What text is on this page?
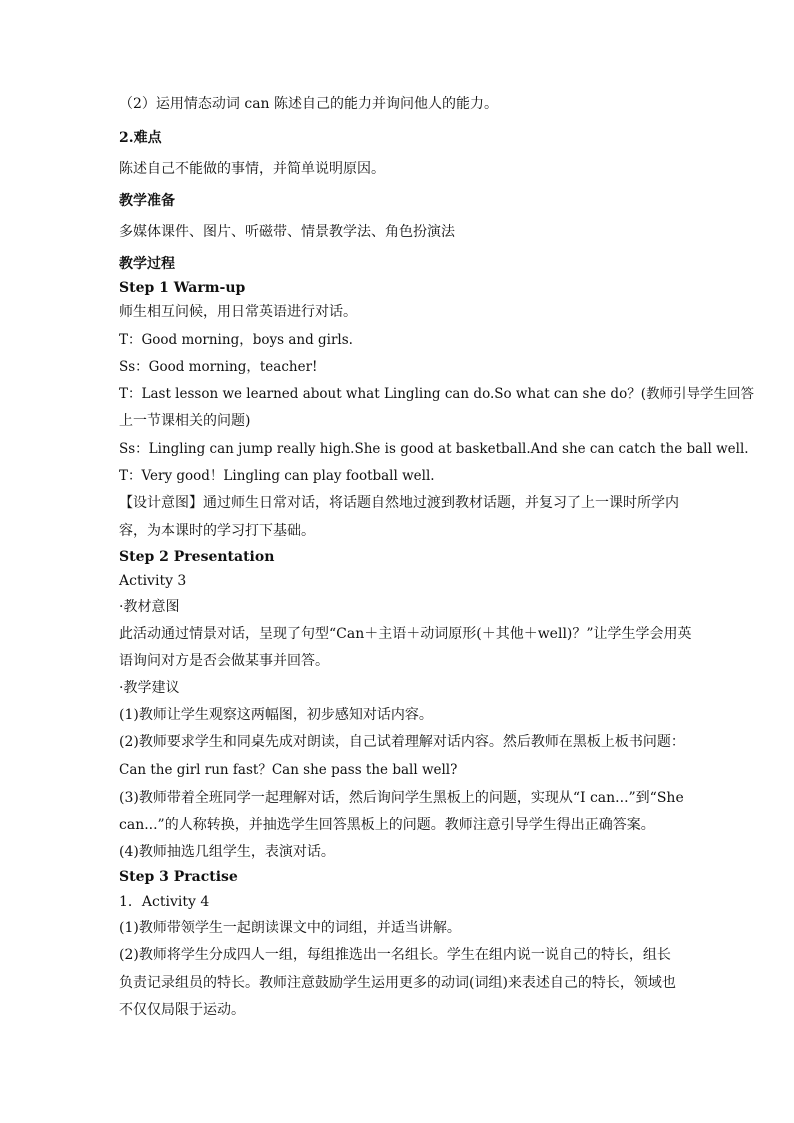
（2）运用情态动词 can 陈述自己的能力并询问他人的能力。
2.难点
陈述自己不能做的事情，并简单说明原因。
教学准备
多媒体课件、图片、听磁带、情景教学法、角色扮演法
教学过程
Step 1 Warm-up
师生相互问候，用日常英语进行对话。
T：Good morning，boys and girls.
Ss：Good morning，teacher!
T：Last lesson we learned about what Lingling can do.So what can she do？(教师引导学生回答
上一节课相关的问题)
Ss：Lingling can jump really high.She is good at basketball.And she can catch the ball well.
T：Very good！Lingling can play football well.
【设计意图】通过师生日常对话，将话题自然地过渡到教材话题，并复习了上一课时所学内
容，为本课时的学习打下基础。
Step 2 Presentation
Activity 3
·教材意图
此活动通过情景对话，呈现了句型“Can＋主语＋动词原形(＋其他＋well)？”让学生学会用英
语询问对方是否会做某事并回答。
·教学建议
(1)教师让学生观察这两幅图，初步感知对话内容。
(2)教师要求学生和同桌先成对朗读，自己试着理解对话内容。然后教师在黑板上板书问题：
Can the girl run fast？Can she pass the ball well?
(3)教师带着全班同学一起理解对话，然后询问学生黑板上的问题，实现从“I can...”到“She
can...”的人称转换，并抽选学生回答黑板上的问题。教师注意引导学生得出正确答案。
(4)教师抽选几组学生，表演对话。
Step 3 Practise
1．Activity 4
(1)教师带领学生一起朗读课文中的词组，并适当讲解。
(2)教师将学生分成四人一组，每组推选出一名组长。学生在组内说一说自己的特长，组长
负责记录组员的特长。教师注意鼓励学生运用更多的动词(词组)来表述自己的特长，领域也
不仅仅局限于运动。
